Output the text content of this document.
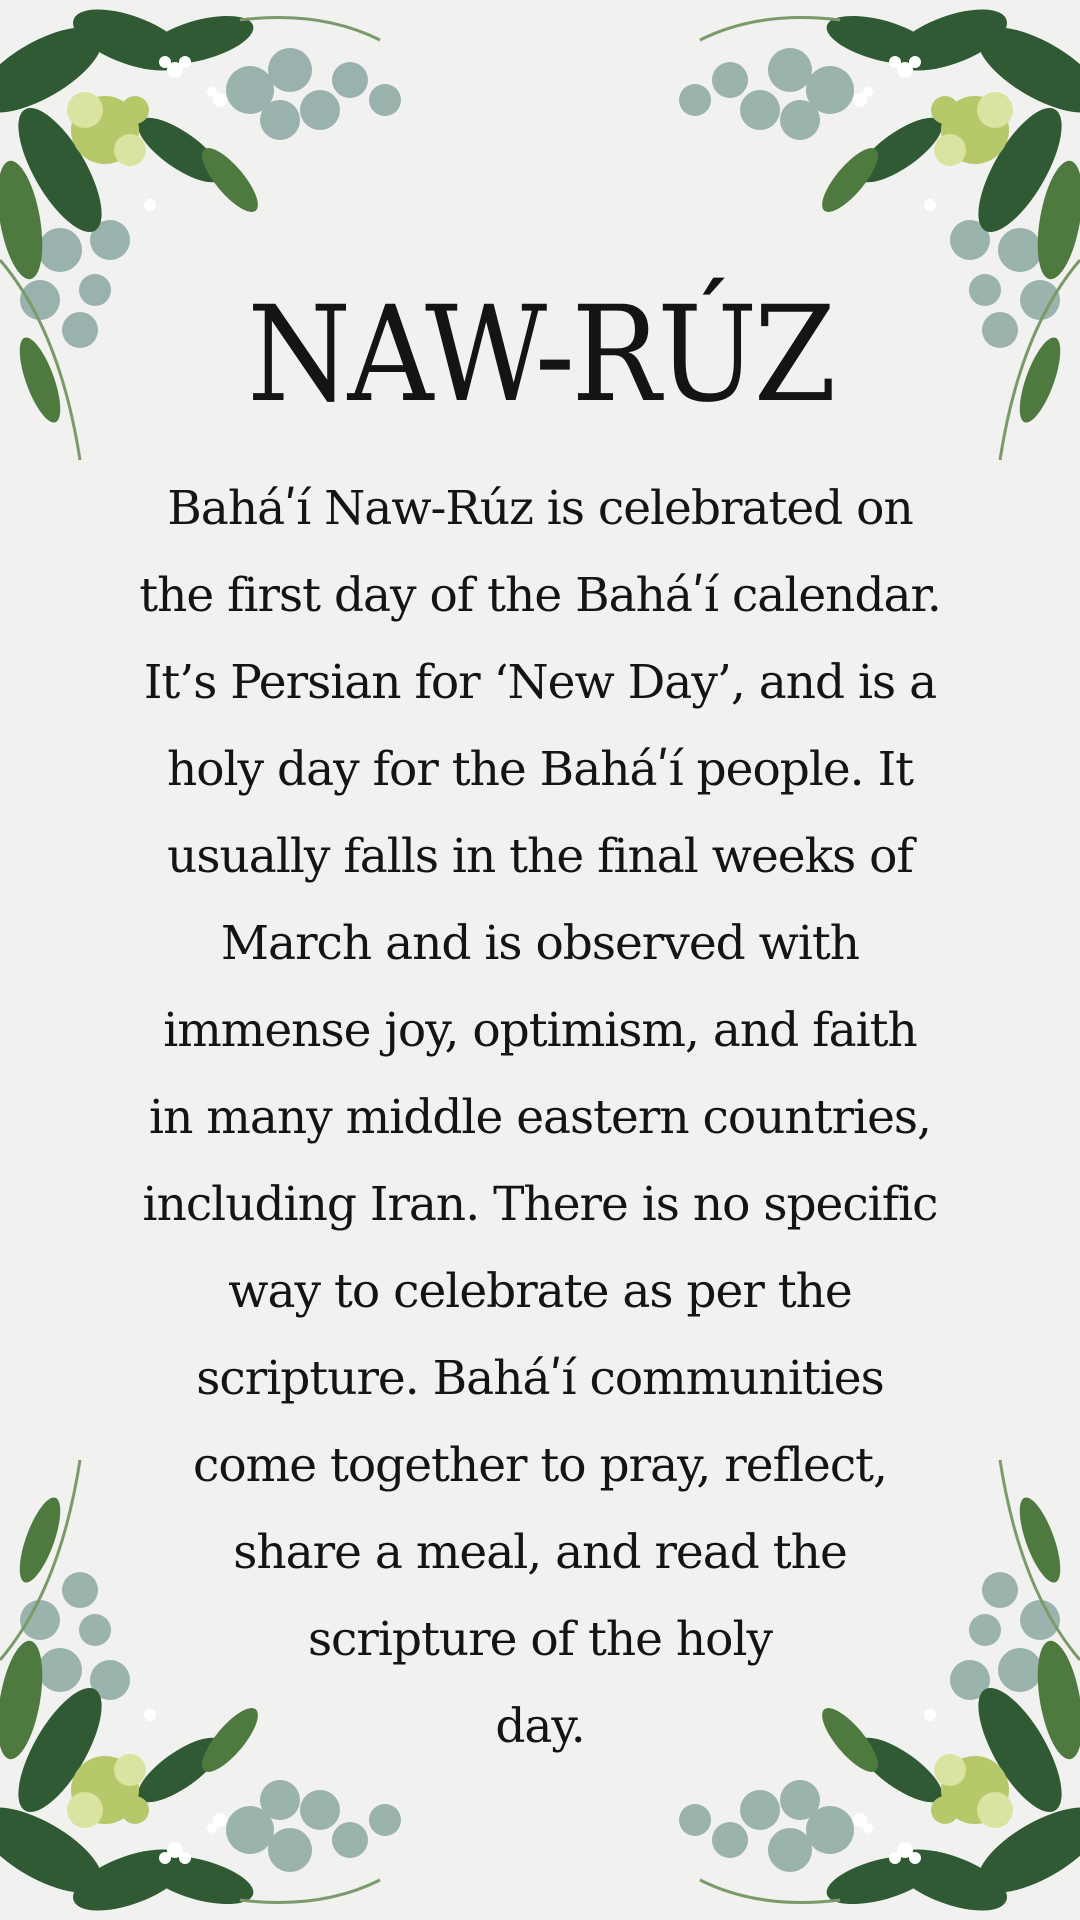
NAW-RÚZ
Baháʹí Naw-Rúz is celebrated on
the first day of the Baháʹí calendar.
It’s Persian for ‘New Day’, and is a
holy day for the Baháʹí people. It
usually falls in the final weeks of
March and is observed with
immense joy, optimism, and faith
in many middle eastern countries,
including Iran. There is no specific
way to celebrate as per the
scripture. Baháʹí communities
come together to pray, reflect,
share a meal, and read the
scripture of the holy
day.
